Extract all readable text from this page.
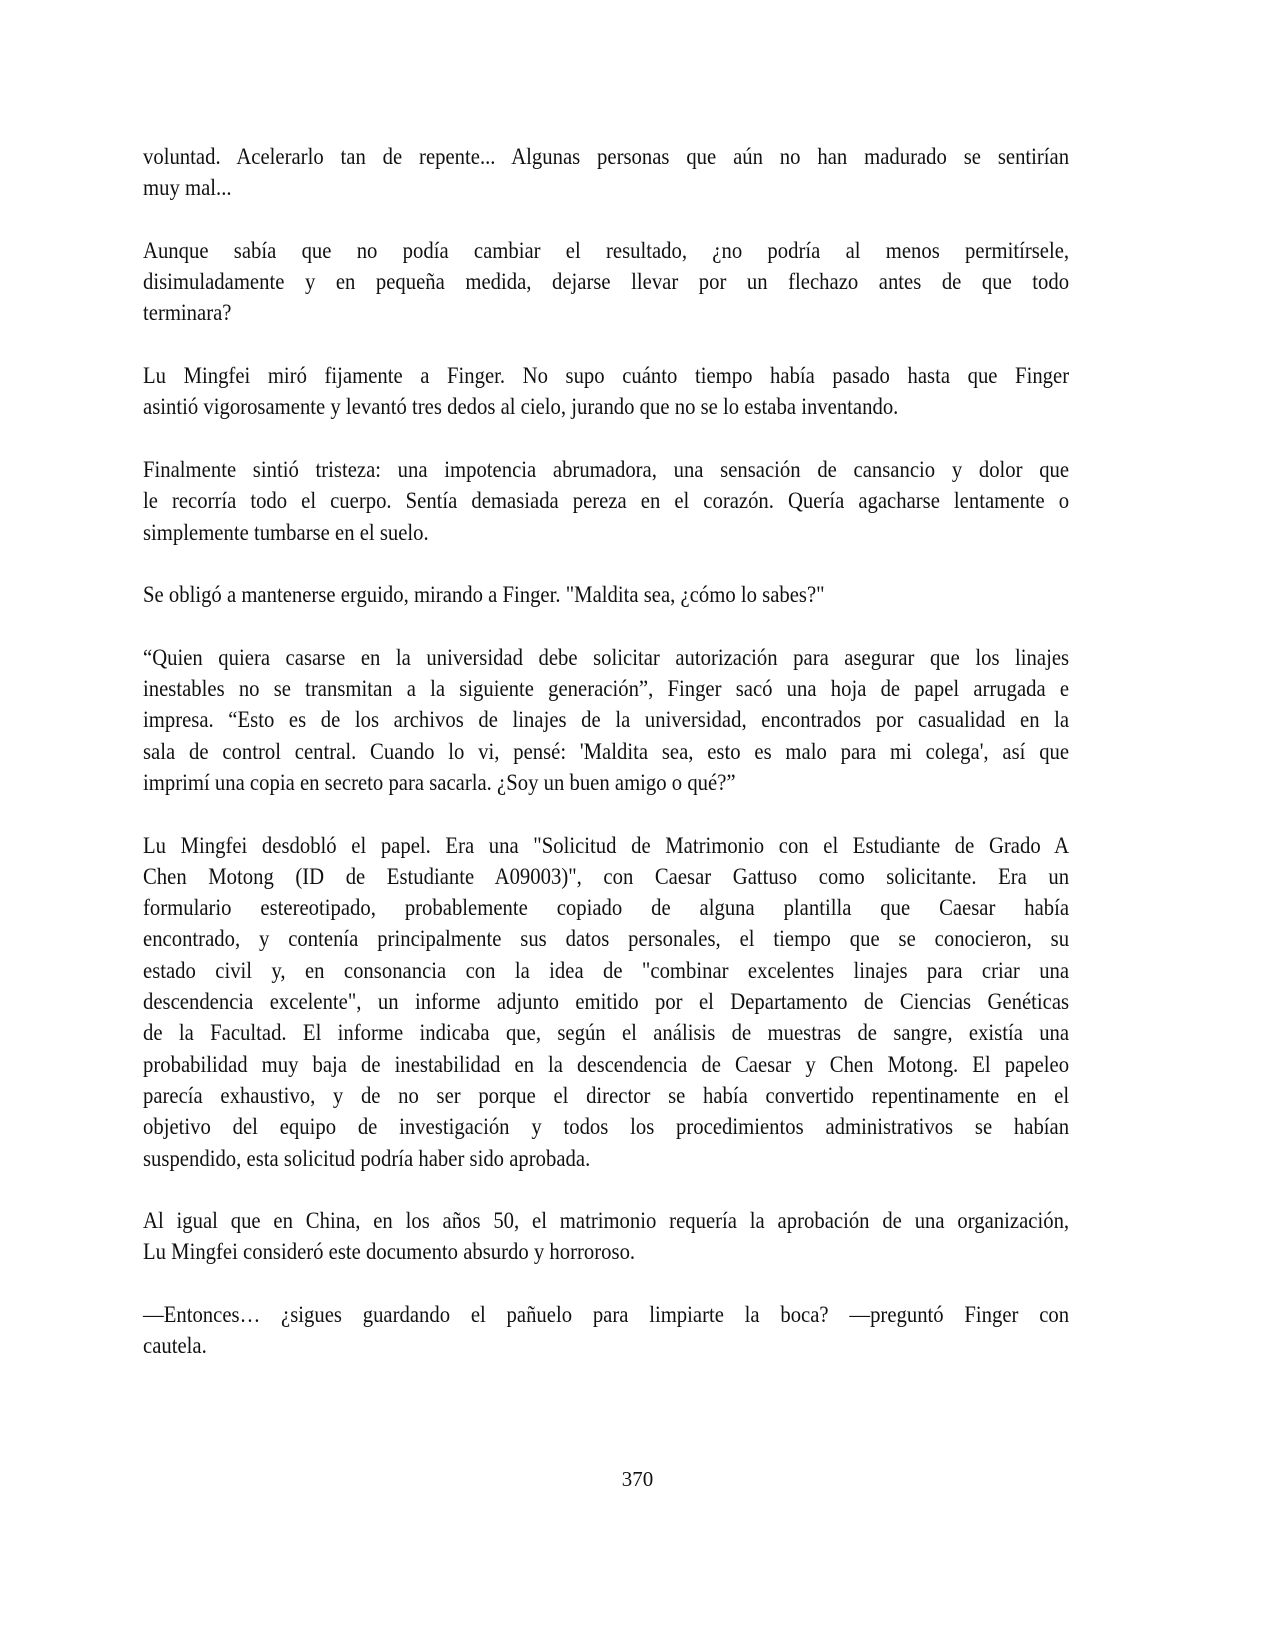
voluntad. Acelerarlo tan de repente... Algunas personas que aún no han madurado se sentirían
muy mal...
Aunque sabía que no podía cambiar el resultado, ¿no podría al menos permitírsele,
disimuladamente y en pequeña medida, dejarse llevar por un flechazo antes de que todo
terminara?
Lu Mingfei miró fijamente a Finger. No supo cuánto tiempo había pasado hasta que Finger
asintió vigorosamente y levantó tres dedos al cielo, jurando que no se lo estaba inventando.
Finalmente sintió tristeza: una impotencia abrumadora, una sensación de cansancio y dolor que
le recorría todo el cuerpo. Sentía demasiada pereza en el corazón. Quería agacharse lentamente o
simplemente tumbarse en el suelo.
Se obligó a mantenerse erguido, mirando a Finger. "Maldita sea, ¿cómo lo sabes?"
“Quien quiera casarse en la universidad debe solicitar autorización para asegurar que los linajes
inestables no se transmitan a la siguiente generación”, Finger sacó una hoja de papel arrugada e
impresa. “Esto es de los archivos de linajes de la universidad, encontrados por casualidad en la
sala de control central. Cuando lo vi, pensé: 'Maldita sea, esto es malo para mi colega', así que
imprimí una copia en secreto para sacarla. ¿Soy un buen amigo o qué?”
Lu Mingfei desdobló el papel. Era una "Solicitud de Matrimonio con el Estudiante de Grado A
Chen Motong (ID de Estudiante A09003)", con Caesar Gattuso como solicitante. Era un
formulario estereotipado, probablemente copiado de alguna plantilla que Caesar había
encontrado, y contenía principalmente sus datos personales, el tiempo que se conocieron, su
estado civil y, en consonancia con la idea de "combinar excelentes linajes para criar una
descendencia excelente", un informe adjunto emitido por el Departamento de Ciencias Genéticas
de la Facultad. El informe indicaba que, según el análisis de muestras de sangre, existía una
probabilidad muy baja de inestabilidad en la descendencia de Caesar y Chen Motong. El papeleo
parecía exhaustivo, y de no ser porque el director se había convertido repentinamente en el
objetivo del equipo de investigación y todos los procedimientos administrativos se habían
suspendido, esta solicitud podría haber sido aprobada.
Al igual que en China, en los años 50, el matrimonio requería la aprobación de una organización,
Lu Mingfei consideró este documento absurdo y horroroso.
—Entonces… ¿sigues guardando el pañuelo para limpiarte la boca? —preguntó Finger con
cautela.
370
